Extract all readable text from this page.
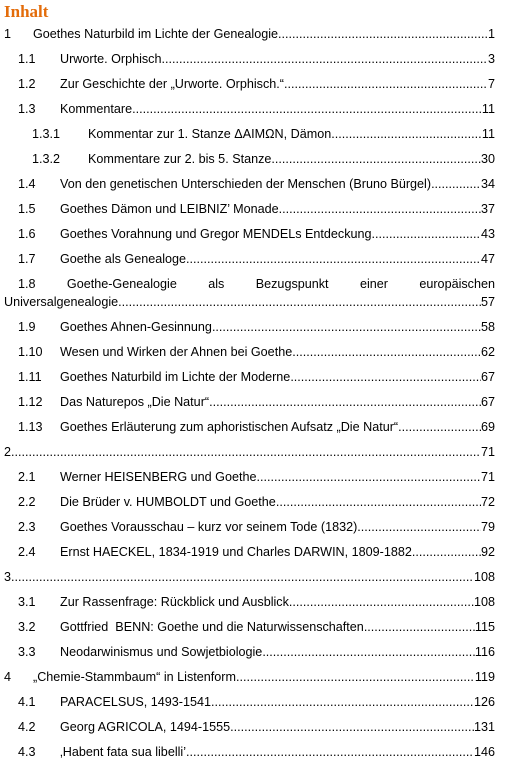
Inhalt
1	Goethes Naturbild im Lichte der Genealogie .....	1
1.1	Urworte. Orphisch. .....	3
1.2	Zur Geschichte der „Urworte. Orphisch.“ .....	7
1.3	Kommentare .....	11
1.3.1	Kommentar zur 1. Stanze ΔΑΙΜΩΝ, Dämon .....	11
1.3.2	Kommentare zur 2. bis 5. Stanze .....	30
1.4	Von den genetischen Unterschieden der Menschen (Bruno Bürgel) .....	34
1.5	Goethes Dämon und LEIBNIZ’ Monade .....	37
1.6	Goethes Vorahnung und Gregor MENDELs Entdeckung .....	43
1.7	Goethe als Genealoge .....	47
1.8 Goethe-Genealogie als Bezugspunkt einer europäischen
Universalgenealogie .....	57
1.9	Goethes Ahnen-Gesinnung .....	58
1.10	Wesen und Wirken der Ahnen bei Goethe .....	62
1.11	Goethes Naturbild im Lichte der Moderne .....	67
1.12	Das Naturepos „Die Natur“ .....	67
1.13	Goethes Erläuterung zum aphoristischen Aufsatz „Die Natur“ .....	69
2 .....	71
2.1	Werner HEISENBERG und Goethe .....	71
2.2	Die Brüder v. HUMBOLDT und Goethe .....	72
2.3	Goethes Vorausschau – kurz vor seinem Tode (1832) .....	79
2.4	Ernst HAECKEL, 1834-1919 und Charles DARWIN, 1809-1882 .....	92
3 .....	108
3.1	Zur Rassenfrage: Rückblick und Ausblick .....	108
3.2	Gottfried  BENN: Goethe und die Naturwissenschaften .....	115
3.3	Neodarwinismus und Sowjetbiologie .....	116
4	„Chemie-Stammbaum“ in Listenform .....	119
4.1	PARACELSUS, 1493-1541 .....	126
4.2	Georg AGRICOLA, 1494-1555 .....	131
4.3	‚Habent fata sua libelli’ .....	146
